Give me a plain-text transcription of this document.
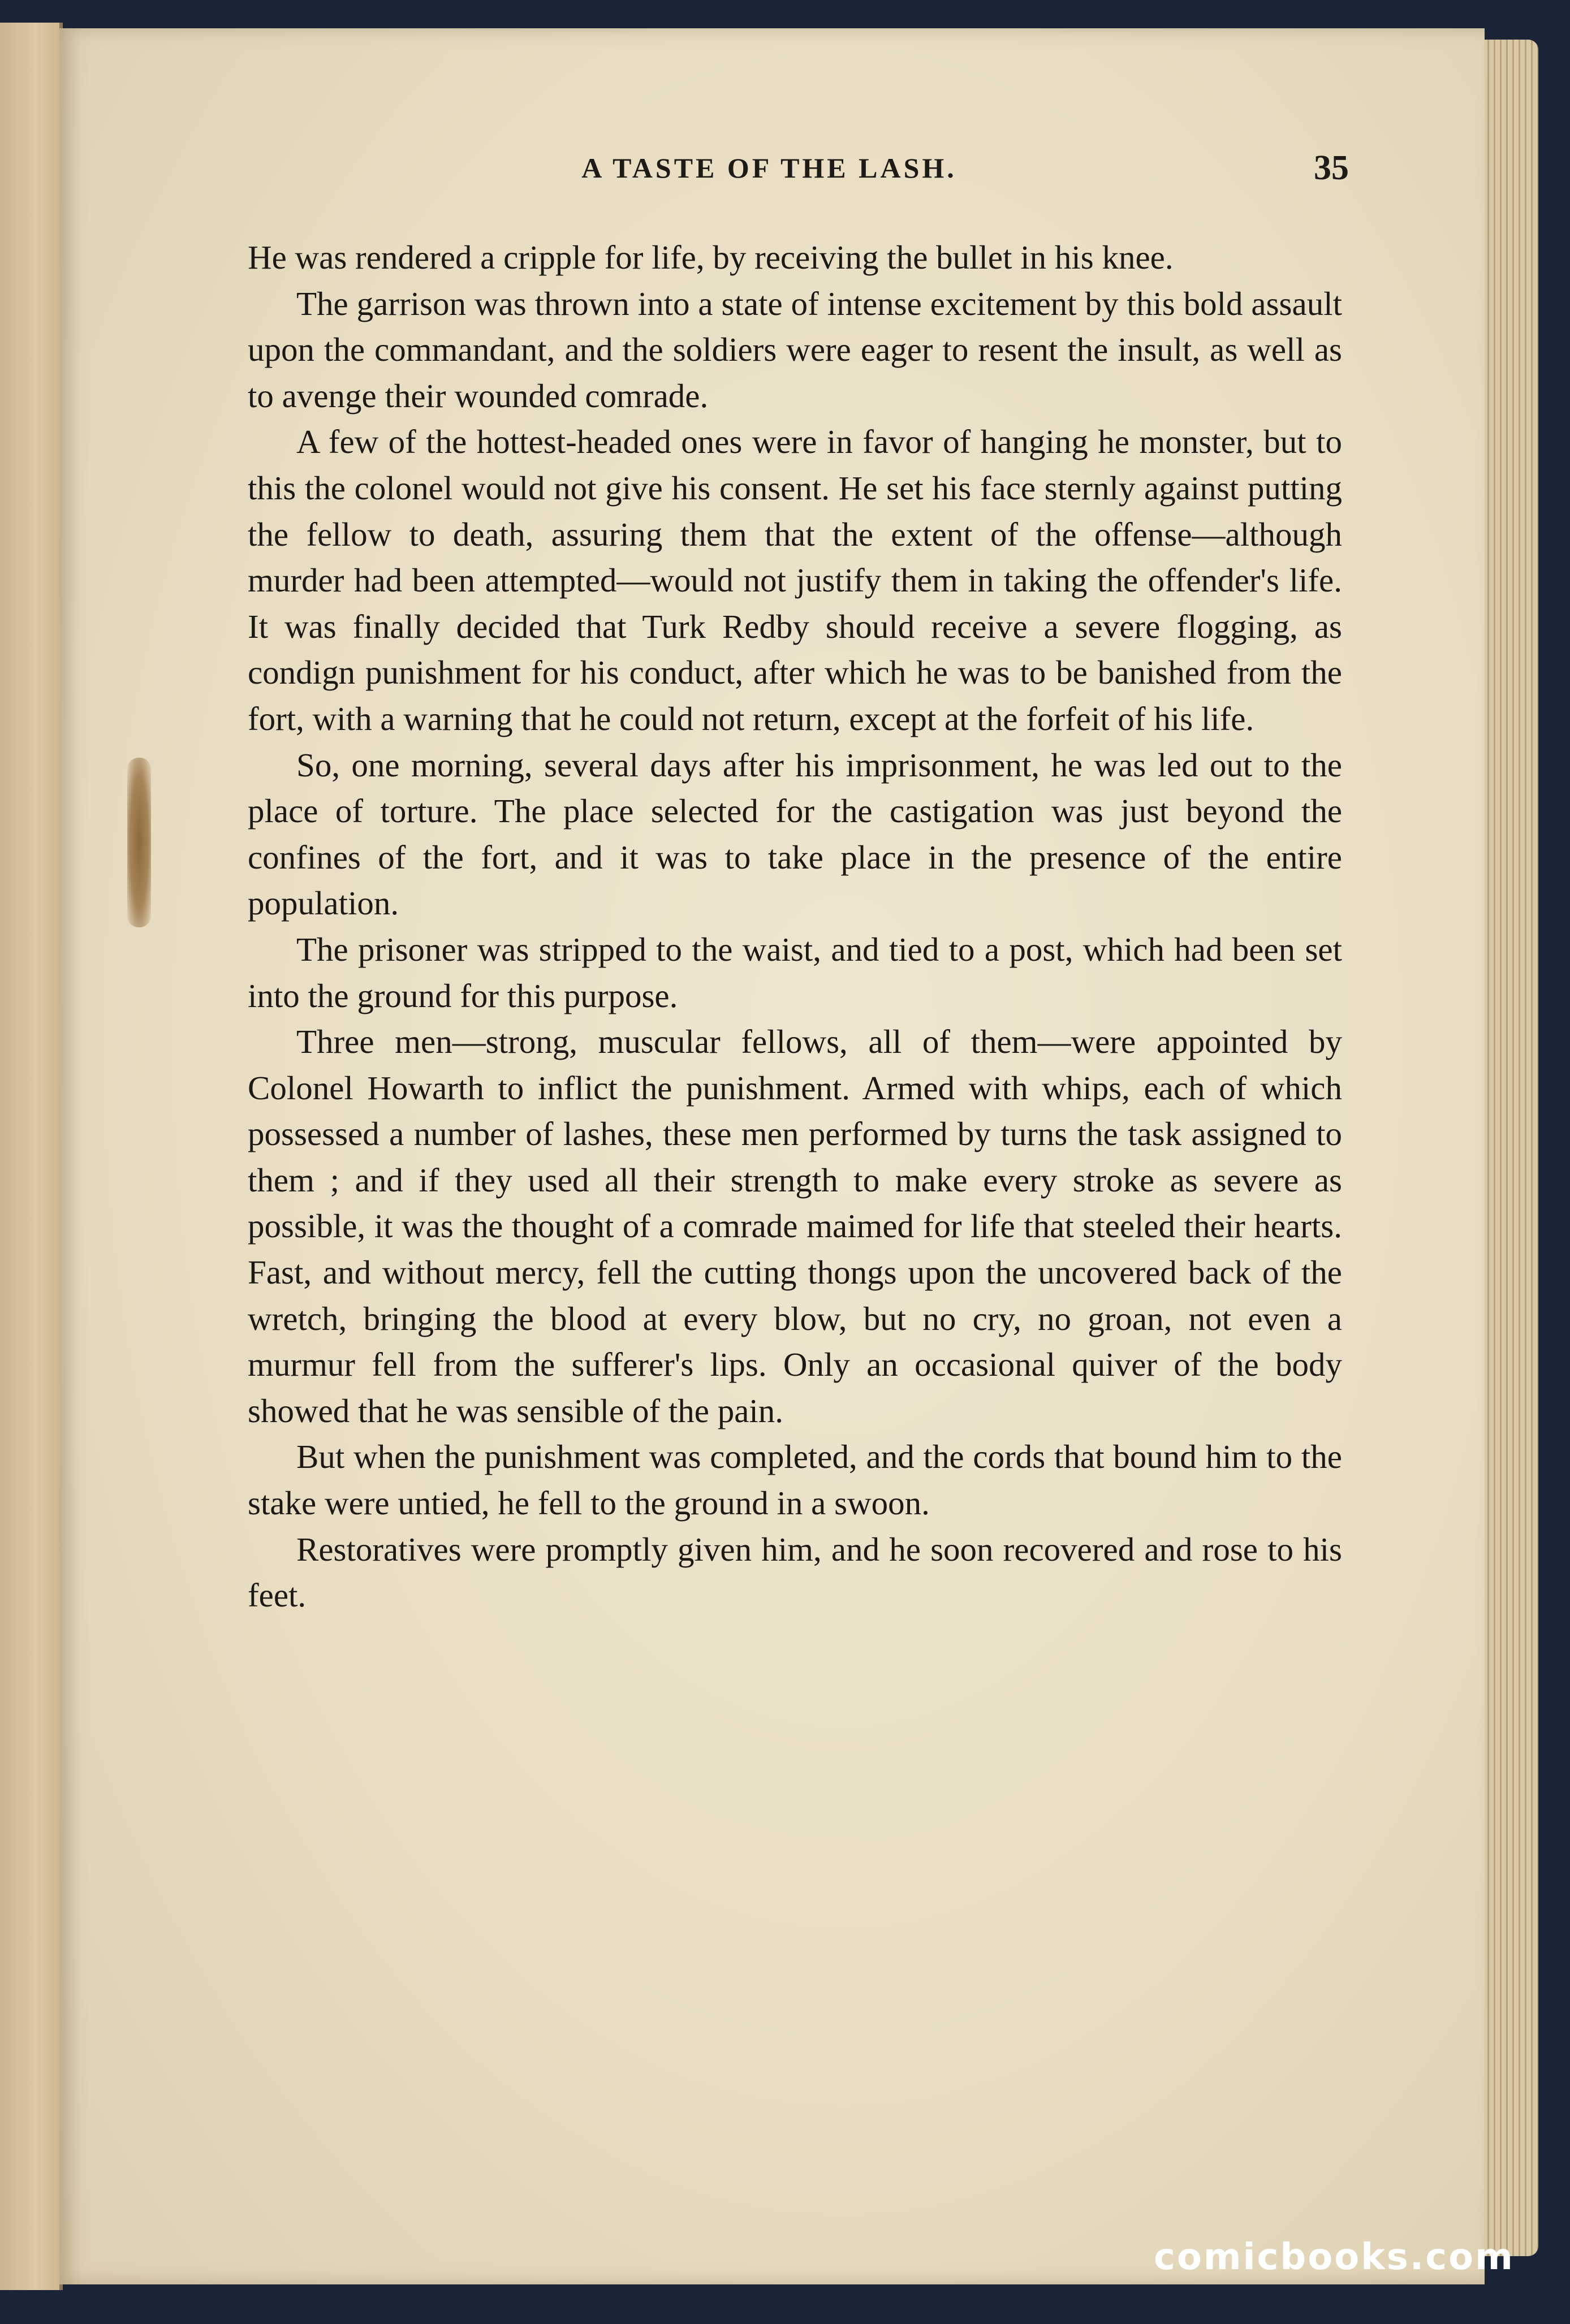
A TASTE OF THE LASH.	35

He was rendered a cripple for life, by receiving the bullet in his knee.

The garrison was thrown into a state of intense excitement by this bold assault upon the commandant, and the soldiers were eager to resent the insult, as well as to avenge their wounded comrade.

A few of the hottest-headed ones were in favor of hanging he monster, but to this the colonel would not give his consent. He set his face sternly against putting the fellow to death, assuring them that the extent of the offense—although murder had been attempted—would not justify them in taking the offender's life. It was finally decided that Turk Redby should receive a severe flogging, as condign punishment for his conduct, after which he was to be banished from the fort, with a warning that he could not return, except at the forfeit of his life.

So, one morning, several days after his imprisonment, he was led out to the place of torture. The place selected for the castigation was just beyond the confines of the fort, and it was to take place in the presence of the entire population.

The prisoner was stripped to the waist, and tied to a post, which had been set into the ground for this purpose.

Three men—strong, muscular fellows, all of them—were appointed by Colonel Howarth to inflict the punishment. Armed with whips, each of which possessed a number of lashes, these men performed by turns the task assigned to them ; and if they used all their strength to make every stroke as severe as possible, it was the thought of a comrade maimed for life that steeled their hearts. Fast, and without mercy, fell the cutting thongs upon the uncovered back of the wretch, bringing the blood at every blow, but no cry, no groan, not even a murmur fell from the sufferer's lips. Only an occasional quiver of the body showed that he was sensible of the pain.

But when the punishment was completed, and the cords that bound him to the stake were untied, he fell to the ground in a swoon.

Restoratives were promptly given him, and he soon recovered and rose to his feet.

comicbooks.com
